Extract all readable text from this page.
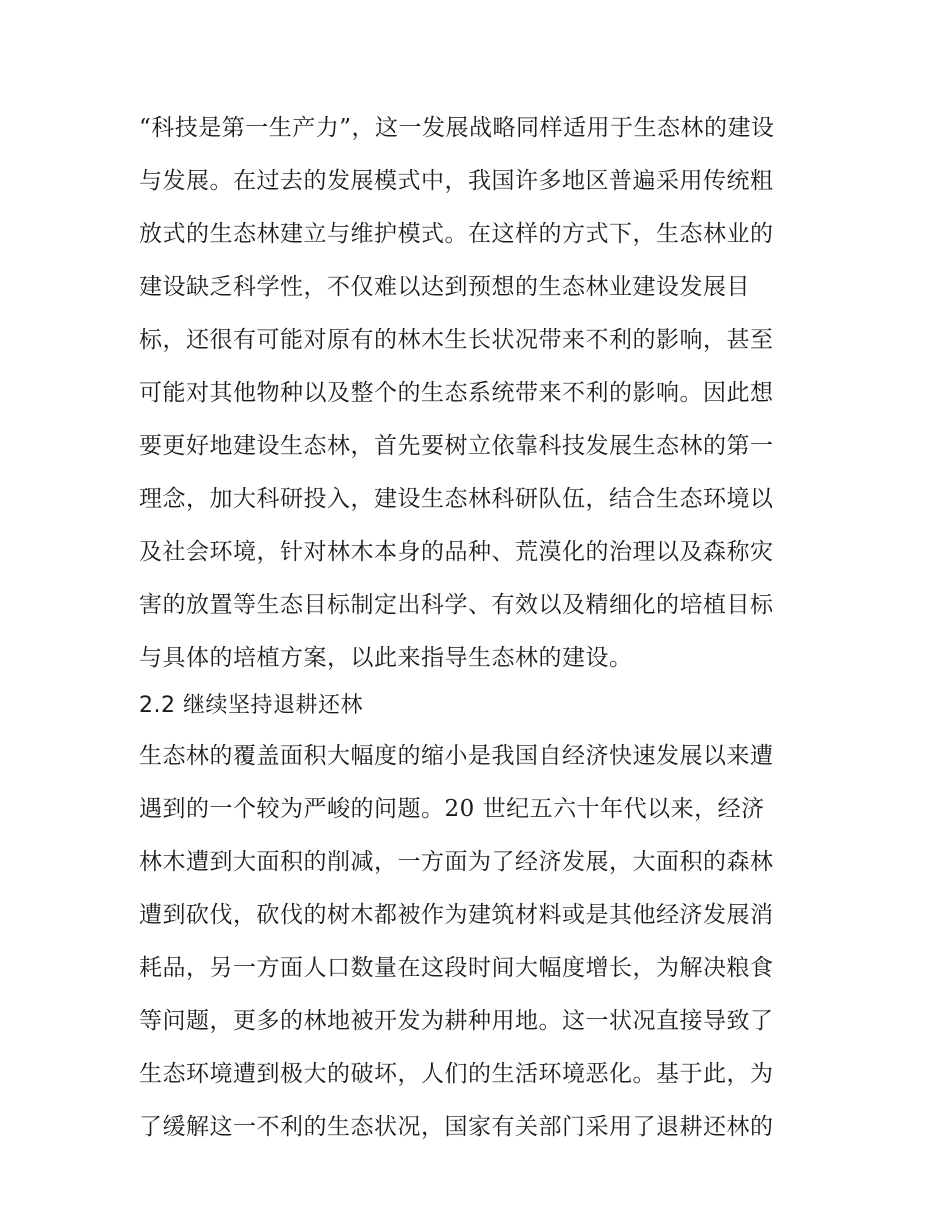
“科技是第一生产力”，这一发展战略同样适用于生态林的建设
与发展。在过去的发展模式中，我国许多地区普遍采用传统粗
放式的生态林建立与维护模式。在这样的方式下，生态林业的
建设缺乏科学性，不仅难以达到预想的生态林业建设发展目
标，还很有可能对原有的林木生长状况带来不利的影响，甚至
可能对其他物种以及整个的生态系统带来不利的影响。因此想
要更好地建设生态林，首先要树立依靠科技发展生态林的第一
理念，加大科研投入，建设生态林科研队伍，结合生态环境以
及社会环境，针对林木本身的品种、荒漠化的治理以及森称灾
害的放置等生态目标制定出科学、有效以及精细化的培植目标
与具体的培植方案，以此来指导生态林的建设。
2.2 继续坚持退耕还林
生态林的覆盖面积大幅度的缩小是我国自经济快速发展以来遭
遇到的一个较为严峻的问题。20 世纪五六十年代以来，经济
林木遭到大面积的削减，一方面为了经济发展，大面积的森林
遭到砍伐，砍伐的树木都被作为建筑材料或是其他经济发展消
耗品，另一方面人口数量在这段时间大幅度增长，为解决粮食
等问题，更多的林地被开发为耕种用地。这一状况直接导致了
生态环境遭到极大的破坏，人们的生活环境恶化。基于此，为
了缓解这一不利的生态状况，国家有关部门采用了退耕还林的
